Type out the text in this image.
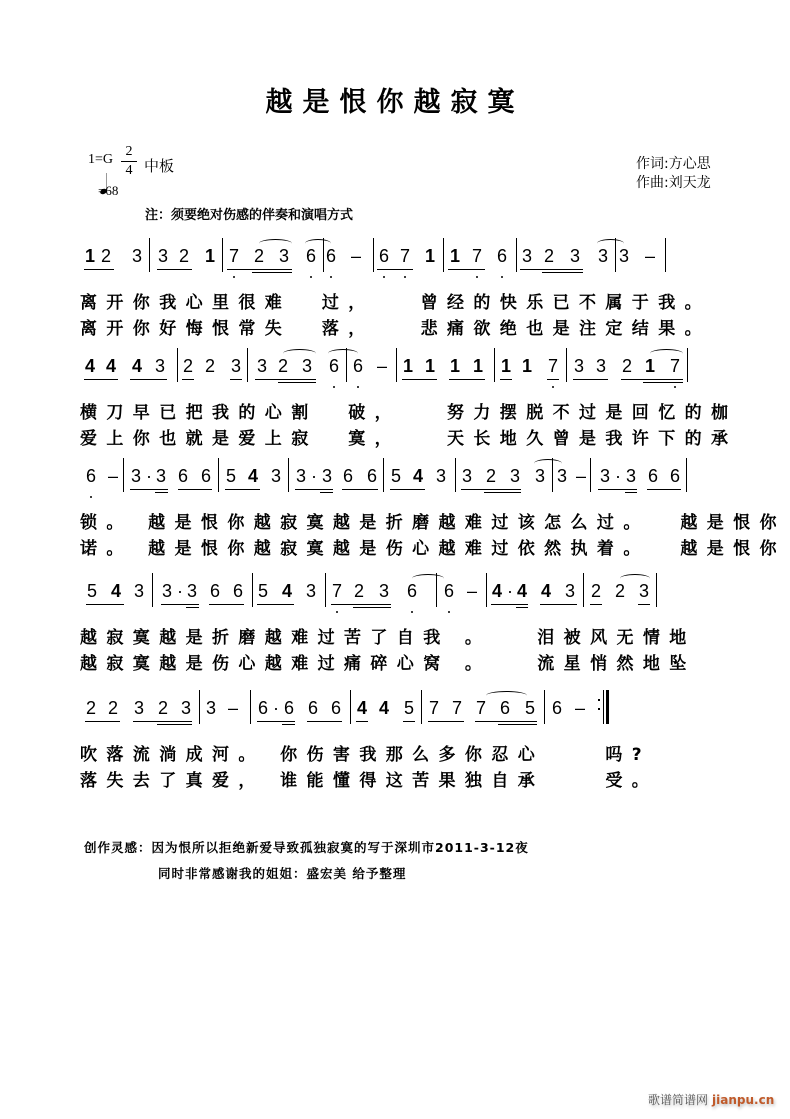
越是恨你越寂寞
1=G
2
4 中板
=68
注：须要绝对伤感的伴奏和演唱方式
作词:方心思
作曲:刘天龙
1 2 3 3 2 1 7 2 3 6 6 – 6 7 1 1 7 6 3 2 3 3 3 –
离开你我心里很难  过，   曾经的快乐已不属于我。
离开你好悔恨常失  落，   悲痛欲绝也是注定结果。
4 4 4 3 2 2 3 3 2 3 6 6 – 1 1 1 1 1 1 7 3 3 2 1 7
横刀早已把我的心割  破，   努力摆脱不过是回忆的枷
爱上你也就是爱上寂  寞，   天长地久曾是我许下的承
6 – 3 · 3 6 6 5 4 3 3 · 3 6 6 5 4 3 3 2 3 3 3 – 3 · 3 6 6
锁。 越是恨你越寂寞越是折磨越难过该怎么过。  越是恨你
诺。 越是恨你越寂寞越是伤心越难过依然执着。  越是恨你
5 4 3 3 · 3 6 6 5 4 3 7 2 3 6 6 – 4 · 4 4 3 2 2 3
越寂寞越是折磨越难过苦了自我 。   泪被风无情地
越寂寞越是伤心越难过痛碎心窝 。   流星悄然地坠
2 2 3 2 3 3 – 6 · 6 6 6 4 4 5 7 7 7 6 5 6 –
吹落流淌成河。 你伤害我那么多你忍心    吗?
落失去了真爱， 谁能懂得这苦果独自承    受。
创作灵感：因为恨所以拒绝新爱导致孤独寂寞的写于深圳市2011-3-12夜
同时非常感谢我的姐姐：盛宏美 给予整理
歌谱简谱网 jianpu.cn
